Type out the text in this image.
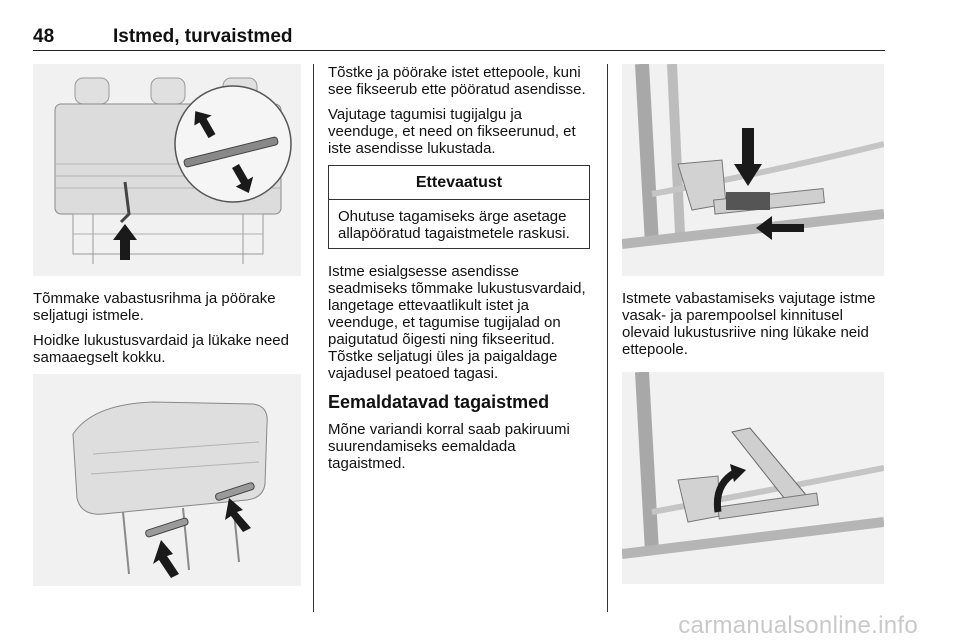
48	Istmed, turvaistmed

Tõmmake vabastusrihma ja pöörake seljatugi istmele.

Hoidke lukustusvardaid ja lükake need samaaegselt kokku.

Tõstke ja pöörake istet ettepoole, kuni see fikseerub ette pööratud asendisse.

Vajutage tagumisi tugijalgu ja veenduge, et need on fikseerunud, et iste asendisse lukustada.

Ettevaatust
Ohutuse tagamiseks ärge asetage allapööratud tagaistmetele raskusi.

Istme esialgsesse asendisse seadmiseks tõmmake lukustusvardaid, langetage ettevaatlikult istet ja veenduge, et tagumise tugijalad on paigutatud õigesti ning fikseeritud. Tõstke seljatugi üles ja paigaldage vajadusel peatoed tagasi.

Eemaldatavad tagaistmed

Mõne variandi korral saab pakiruumi suurendamiseks eemaldada tagaistmed.

Istmete vabastamiseks vajutage istme vasak- ja parempoolsel kinnitusel olevaid lukustusriive ning lükake neid ettepoole.

carmanualsonline.info
